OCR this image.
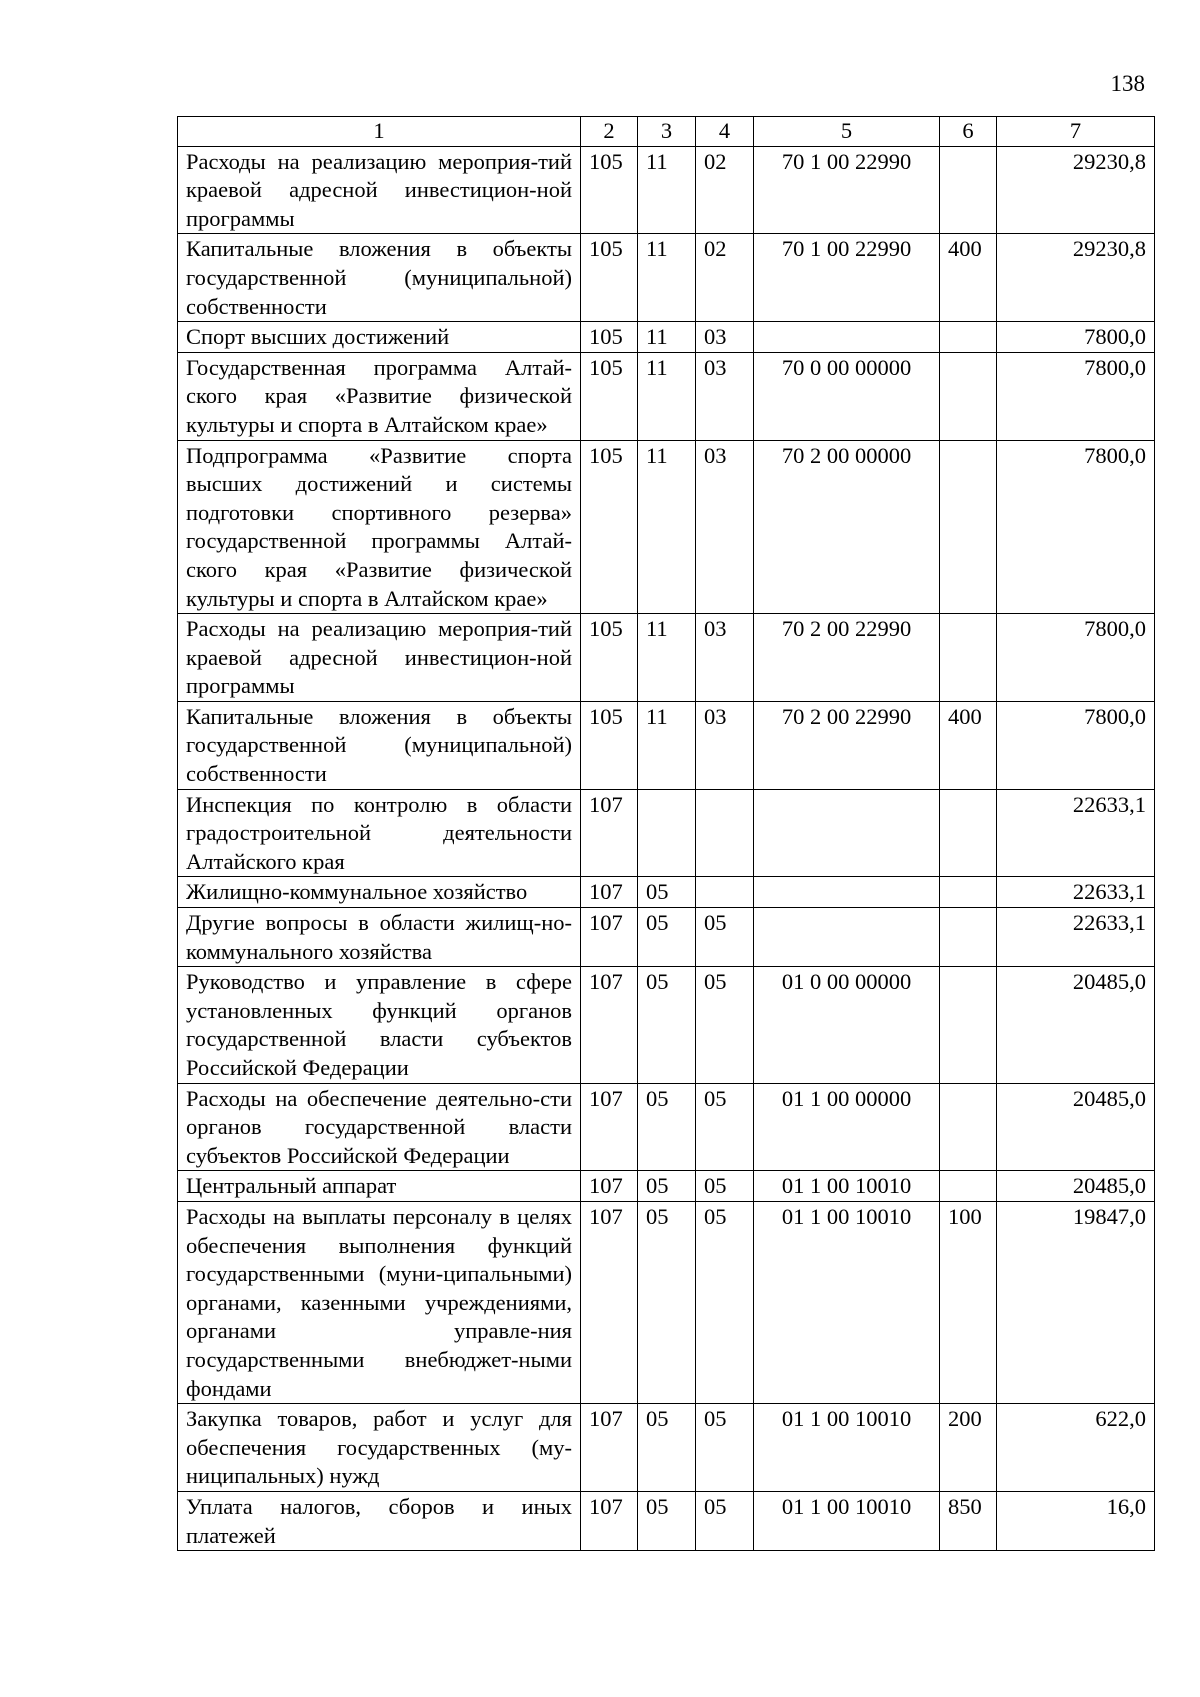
138
1	2	3	4	5	6	7
Расходы на реализацию мероприя-тий краевой адресной инвестицион-ной программы	105	11	02	70 1 00 22990		29230,8
Капитальные вложения в объекты государственной (муниципальной) собственности	105	11	02	70 1 00 22990	400	29230,8
Спорт высших достижений	105	11	03			7800,0
Государственная программа Алтай-ского края «Развитие физической культуры и спорта в Алтайском крае»	105	11	03	70 0 00 00000		7800,0
Подпрограмма «Развитие спорта высших достижений и системы подготовки спортивного резерва» государственной программы Алтай-ского края «Развитие физической культуры и спорта в Алтайском крае»	105	11	03	70 2 00 00000		7800,0
Расходы на реализацию мероприя-тий краевой адресной инвестицион-ной программы	105	11	03	70 2 00 22990		7800,0
Капитальные вложения в объекты государственной (муниципальной) собственности	105	11	03	70 2 00 22990	400	7800,0
Инспекция по контролю в области градостроительной деятельности Алтайского края	107					22633,1
Жилищно-коммунальное хозяйство	107	05				22633,1
Другие вопросы в области жилищ-но-коммунального хозяйства	107	05	05			22633,1
Руководство и управление в сфере установленных функций органов государственной власти субъектов Российской Федерации	107	05	05	01 0 00 00000		20485,0
Расходы на обеспечение деятельно-сти органов государственной власти субъектов Российской Федерации	107	05	05	01 1 00 00000		20485,0
Центральный аппарат	107	05	05	01 1 00 10010		20485,0
Расходы на выплаты персоналу в целях обеспечения выполнения функций государственными (муни-ципальными) органами, казенными учреждениями, органами управле-ния государственными внебюджет-ными фондами	107	05	05	01 1 00 10010	100	19847,0
Закупка товаров, работ и услуг для обеспечения государственных (му-ниципальных) нужд	107	05	05	01 1 00 10010	200	622,0
Уплата налогов, сборов и иных платежей	107	05	05	01 1 00 10010	850	16,0
